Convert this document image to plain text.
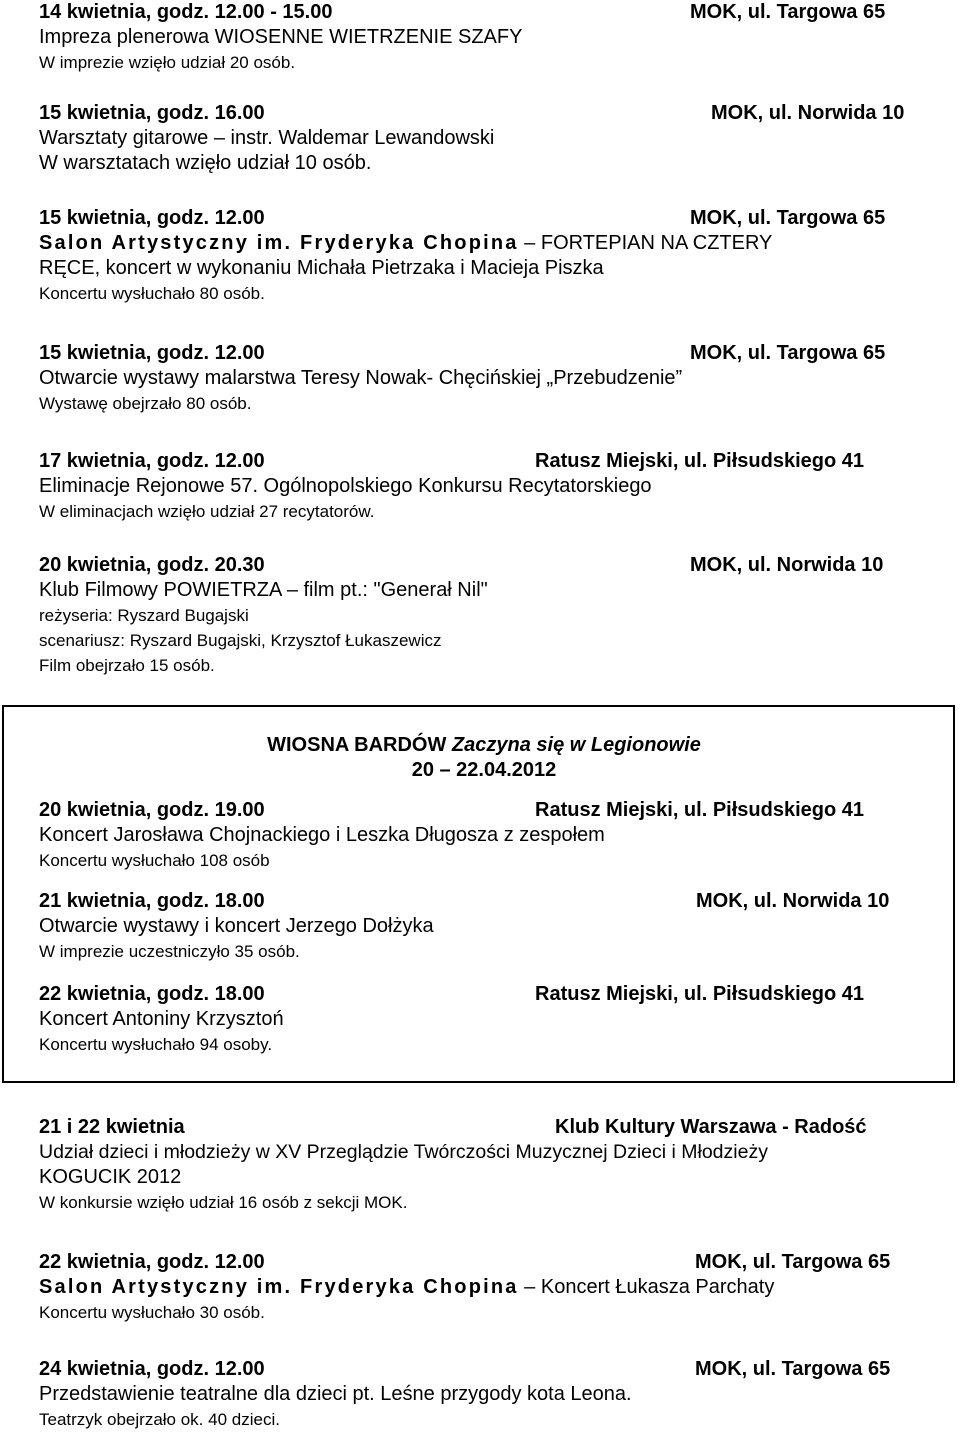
14 kwietnia, godz. 12.00 - 15.00	MOK, ul. Targowa 65
Impreza plenerowa WIOSENNE WIETRZENIE SZAFY
W imprezie wzięło udział 20 osób.
15 kwietnia, godz. 16.00	MOK, ul. Norwida 10
Warsztaty gitarowe – instr. Waldemar Lewandowski
W warsztatach wzięło udział 10 osób.
15 kwietnia, godz. 12.00	MOK, ul. Targowa 65
Salon Artystyczny im. Fryderyka Chopina – FORTEPIAN NA CZTERY
RĘCE, koncert w wykonaniu Michała Pietrzaka i Macieja Piszka
Koncertu wysłuchało 80 osób.
15 kwietnia, godz. 12.00	MOK, ul. Targowa 65
Otwarcie wystawy malarstwa Teresy Nowak- Chęcińskiej „Przebudzenie”
Wystawę obejrzało 80 osób.
17 kwietnia, godz. 12.00	Ratusz Miejski, ul. Piłsudskiego 41
Eliminacje Rejonowe 57. Ogólnopolskiego Konkursu Recytatorskiego
W eliminacjach wzięło udział 27 recytatorów.
20 kwietnia, godz. 20.30	MOK, ul. Norwida 10
Klub Filmowy POWIETRZA – film pt.: "Generał Nil"
reżyseria: Ryszard Bugajski
scenariusz: Ryszard Bugajski, Krzysztof Łukaszewicz
Film obejrzało 15 osób.
WIOSNA BARDÓW Zaczyna się w Legionowie
20 – 22.04.2012
20 kwietnia, godz. 19.00	Ratusz Miejski, ul. Piłsudskiego 41
Koncert Jarosława Chojnackiego i Leszka Długosza z zespołem
Koncertu wysłuchało 108 osób
21 kwietnia, godz. 18.00	MOK, ul. Norwida 10
Otwarcie wystawy i koncert Jerzego Dołżyka
W imprezie uczestniczyło 35 osób.
22 kwietnia, godz. 18.00	Ratusz Miejski, ul. Piłsudskiego 41
Koncert Antoniny Krzysztoń
Koncertu wysłuchało 94 osoby.
21 i 22 kwietnia	Klub Kultury Warszawa - Radość
Udział dzieci i młodzieży w XV Przeglądzie Twórczości Muzycznej Dzieci i Młodzieży
KOGUCIK 2012
W konkursie wzięło udział 16 osób z sekcji MOK.
22 kwietnia, godz. 12.00	MOK, ul. Targowa 65
Salon Artystyczny im. Fryderyka Chopina – Koncert Łukasza Parchaty
Koncertu wysłuchało 30 osób.
24 kwietnia, godz. 12.00	MOK, ul. Targowa 65
Przedstawienie teatralne dla dzieci pt. Leśne przygody kota Leona.
Teatrzyk obejrzało ok. 40 dzieci.
